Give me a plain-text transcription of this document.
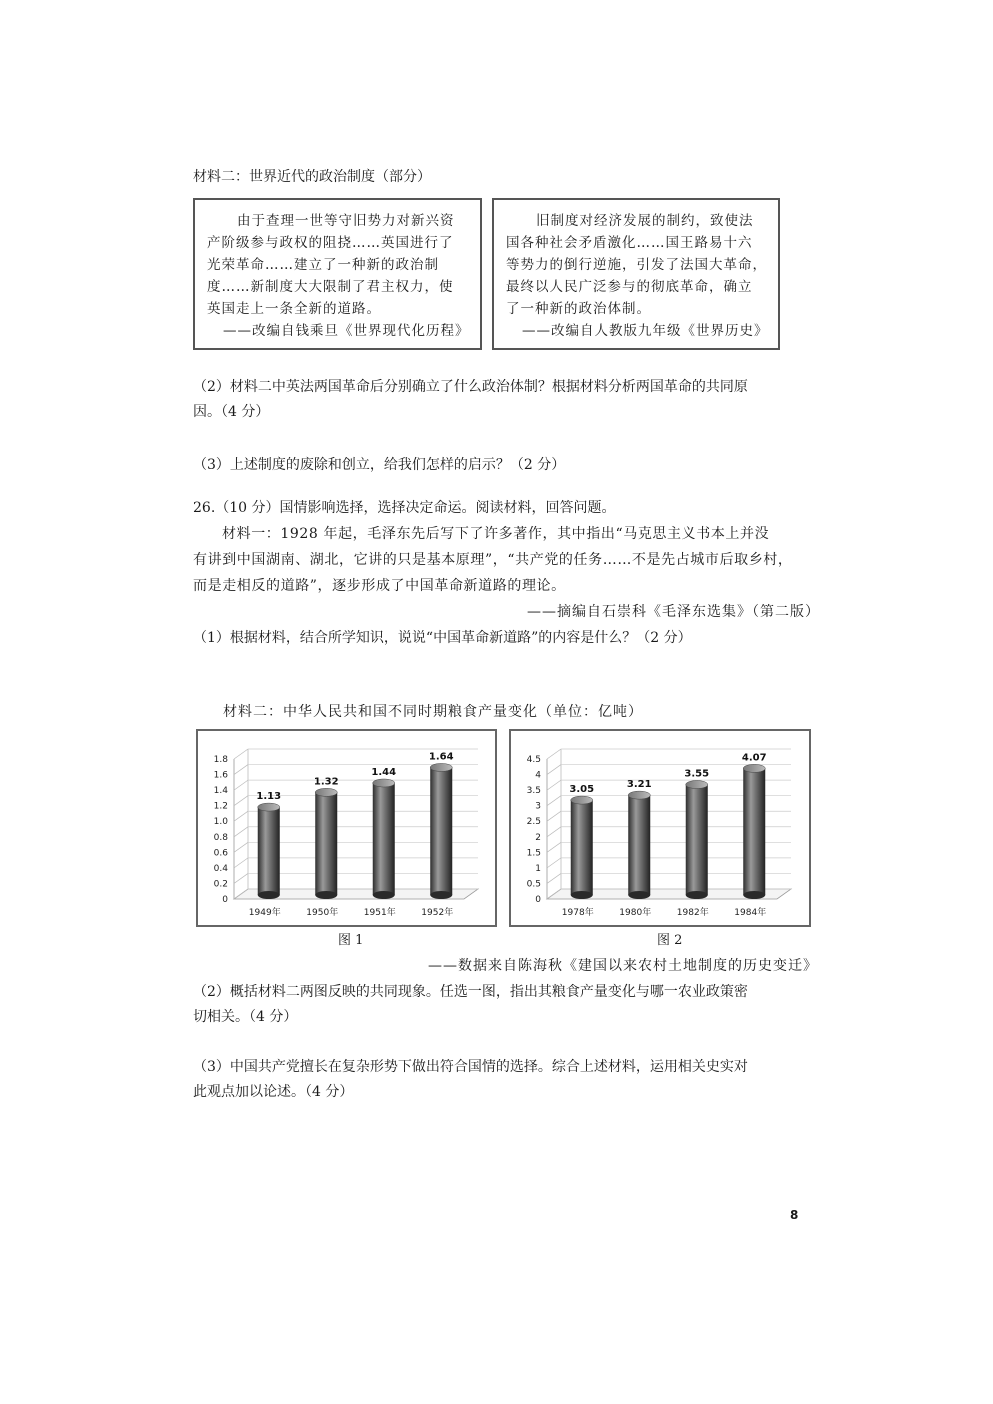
材料二：世界近代的政治制度（部分）
由于查理一世等守旧势力对新兴资
产阶级参与政权的阻挠……英国进行了
光荣革命……建立了一种新的政治制
度……新制度大大限制了君主权力，使
英国走上一条全新的道路。
——改编自钱乘旦《世界现代化历程》
旧制度对经济发展的制约，致使法
国各种社会矛盾激化……国王路易十六
等势力的倒行逆施，引发了法国大革命，
最终以人民广泛参与的彻底革命，确立
了一种新的政治体制。
——改编自人教版九年级《世界历史》
（2）材料二中英法两国革命后分别确立了什么政治体制？根据材料分析两国革命的共同原
因。（4 分）
（3）上述制度的废除和创立，给我们怎样的启示？（2 分）
26.（10 分）国情影响选择，选择决定命运。阅读材料，回答问题。
材料一：1928 年起，毛泽东先后写下了许多著作，其中指出“马克思主义书本上并没
有讲到中国湖南、湖北，它讲的只是基本原理”，“共产党的任务……不是先占城市后取乡村，
而是走相反的道路”，逐步形成了中国革命新道路的理论。
——摘编自石崇科《毛泽东选集》（第二版）
（1）根据材料，结合所学知识，说说“中国革命新道路”的内容是什么？（2 分）
材料二：中华人民共和国不同时期粮食产量变化（单位：亿吨）
0
0.2
0.4
0.6
0.8
1.0
1.2
1.4
1.6
1.8
1.13
1949年
1.32
1950年
1.44
1951年
1.64
1952年
0
0.5
1
1.5
2
2.5
3
3.5
4
4.5
3.05
1978年
3.21
1980年
3.55
1982年
4.07
1984年
图 1	图 2
——数据来自陈海秋《建国以来农村土地制度的历史变迁》
（2）概括材料二两图反映的共同现象。任选一图，指出其粮食产量变化与哪一农业政策密
切相关。（4 分）
（3）中国共产党擅长在复杂形势下做出符合国情的选择。综合上述材料，运用相关史实对
此观点加以论述。（4 分）
8
